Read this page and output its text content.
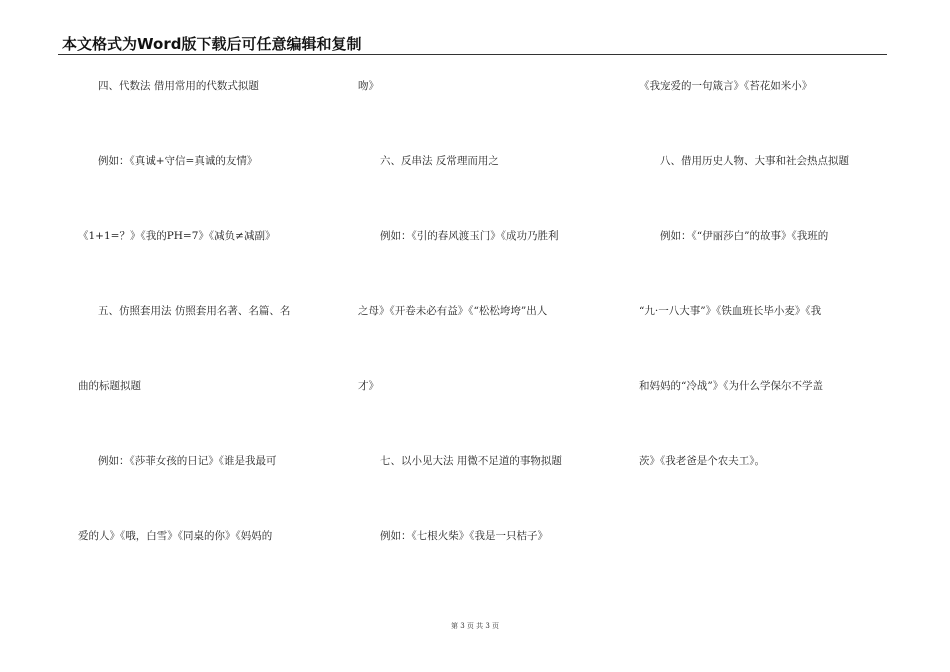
本文格式为Word版下载后可任意编辑和复制

四、代数法 借用常用的代数式拟题

例如：《真诚+守信=真诚的友情》

《1+1=？》《我的PH=7》《减负≠减副》

五、仿照套用法 仿照套用名著、名篇、名

曲的标题拟题

例如：《莎菲女孩的日记》《谁是我最可

爱的人》《哦，白雪》《同桌的你》《妈妈的

吻》

六、反串法 反常理而用之

例如：《引的春风渡玉门》《成功乃胜利

之母》《开卷未必有益》《“松松垮垮”出人

才》

七、以小见大法 用微不足道的事物拟题

例如：《七根火柴》《我是一只桔子》

《我宠爱的一句箴言》《苔花如米小》

八、借用历史人物、大事和社会热点拟题

例如：《“伊丽莎白”的故事》《我班的

“九·一八大事”》《铁血班长毕小麦》《我

和妈妈的“冷战”》《为什么学保尔不学盖

茨》《我老爸是个农夫工》。

第 3 页 共 3 页
